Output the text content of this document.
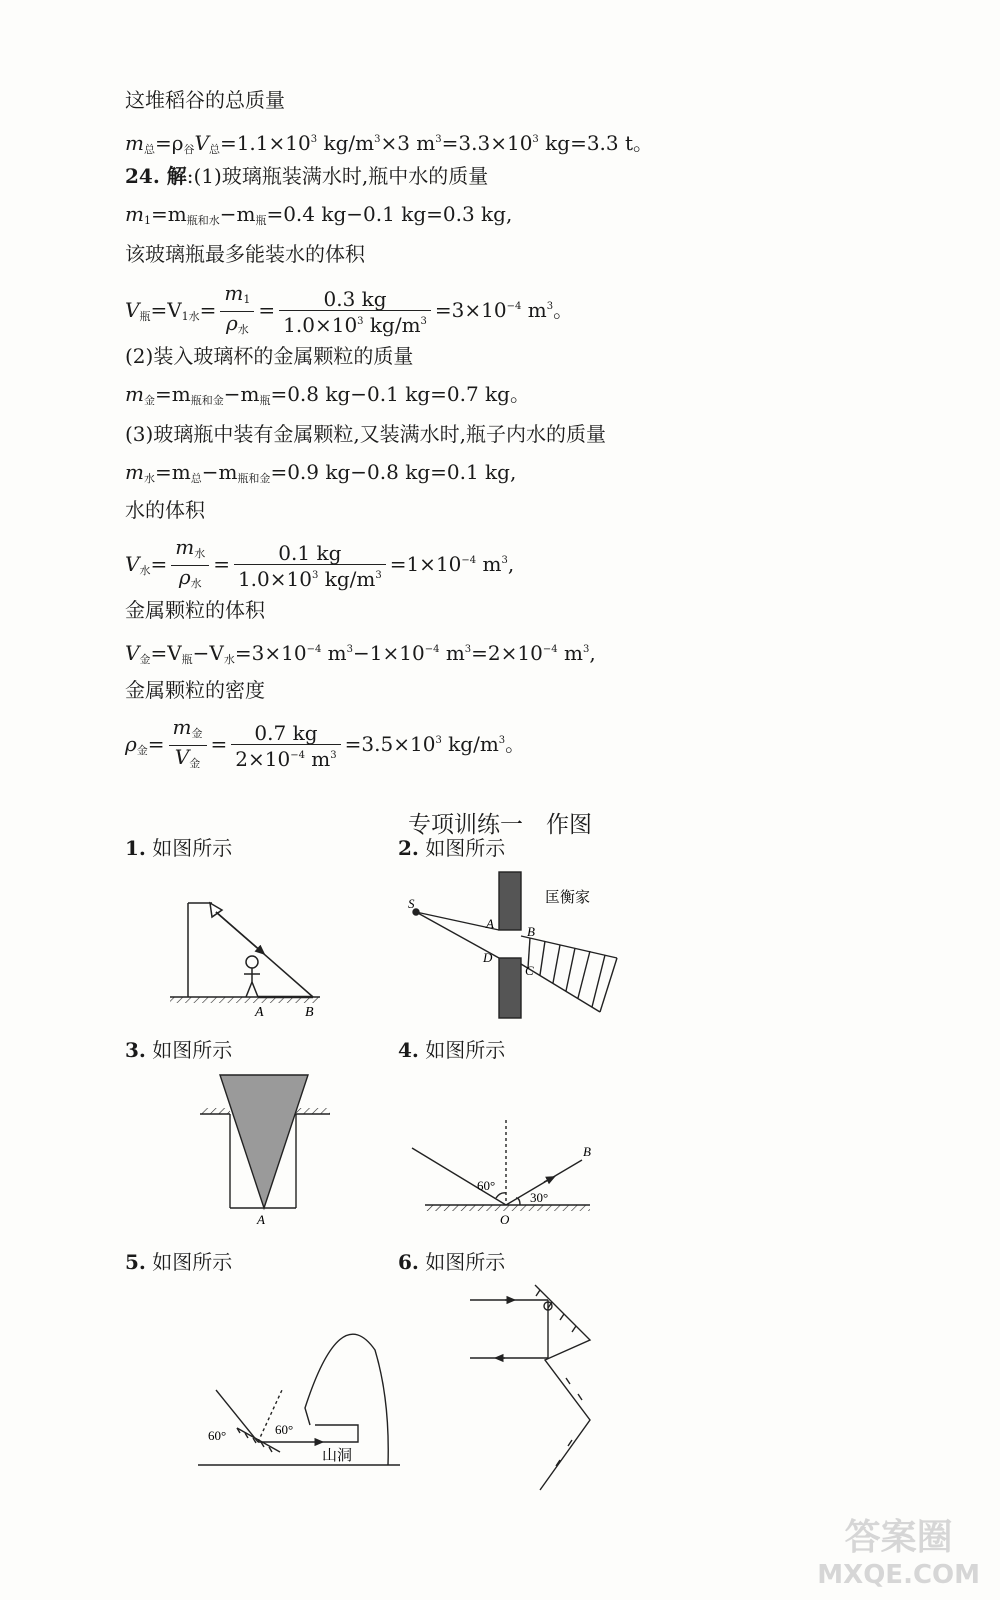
这堆稻谷的总质量
$m_总=\rho_谷V_总=1.1\times 10^3$ $kg/m^3\times 3$ $m^3=3.3\times 10^3$ kg=3.3 t。
24. 解:(1)玻璃瓶装满水时,瓶中水的质量
$m_1=m_{瓶和水}-m_瓶=0.4$ kg−0.1 kg=0.3 kg,
该玻璃瓶最多能装水的体积
$V_瓶=V_{1水}= \frac{m_1}{\rho_水} = \frac{0.3 kg}{1.0\times 10^3 kg/m^3} =3\times 10^{-4}$ $m^3$。
(2)装入玻璃杯的金属颗粒的质量
$m_金=m_{瓶和金}-m_瓶=0.8$ kg−0.1 kg=0.7 kg。
(3)玻璃瓶中装有金属颗粒,又装满水时,瓶子内水的质量
$m_水=m_总-m_{瓶和金}=0.9$ kg−0.8 kg=0.1 kg,
水的体积
$V_水= \frac{m_水}{\rho_水} = \frac{0.1 kg}{1.0\times 10^3 kg/m^3} =1\times 10^{-4}$ $m^3$,
金属颗粒的体积
$V_金=V_瓶-V_水=3\times 10^{-4}$ $m^3-1\times 10^{-4}$ $m^3=2\times 10^{-4}$ $m^3$,
金属颗粒的密度
$\rho_金= \frac{m_金}{V_金} = \frac{0.7 kg}{2\times 10^{-4} m^3} =3.5\times 10^3$ $kg/m^3$。
专项训练一　作图
1. 如图所示	2. 如图所示
3. 如图所示	4. 如图所示
5. 如图所示	6. 如图所示
A	B
S
A
B
C
D
匡衡家
A
B
O
60°
30°
60°	60°
山洞
答案圈
MXQE.COM
